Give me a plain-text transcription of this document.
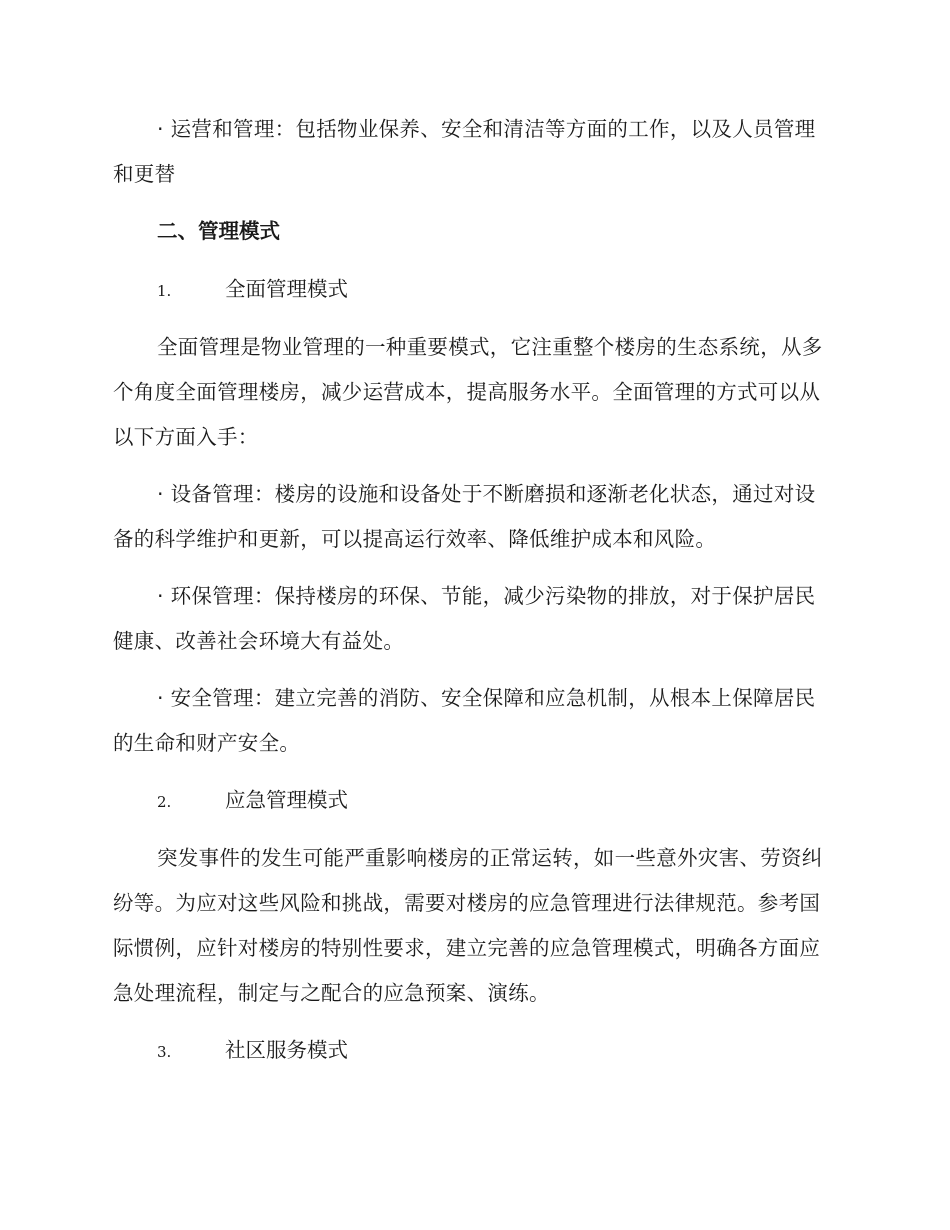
· 运营和管理：包括物业保养、安全和清洁等方面的工作，以及人员管理和更替

二、管理模式

1.	全面管理模式

全面管理是物业管理的一种重要模式，它注重整个楼房的生态系统，从多个角度全面管理楼房，减少运营成本，提高服务水平。全面管理的方式可以从以下方面入手：

· 设备管理：楼房的设施和设备处于不断磨损和逐渐老化状态，通过对设备的科学维护和更新，可以提高运行效率、降低维护成本和风险。

· 环保管理：保持楼房的环保、节能，减少污染物的排放，对于保护居民健康、改善社会环境大有益处。

· 安全管理：建立完善的消防、安全保障和应急机制，从根本上保障居民的生命和财产安全。

2.	应急管理模式

突发事件的发生可能严重影响楼房的正常运转，如一些意外灾害、劳资纠纷等。为应对这些风险和挑战，需要对楼房的应急管理进行法律规范。参考国际惯例，应针对楼房的特别性要求，建立完善的应急管理模式，明确各方面应急处理流程，制定与之配合的应急预案、演练。

3.	社区服务模式
